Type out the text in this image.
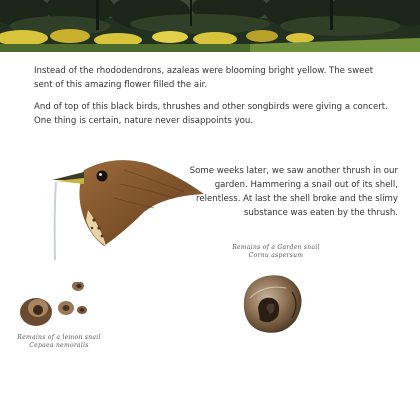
Instead of the rhododendrons, azaleas were blooming bright yellow. The sweet sent of this amazing flower filled the air.

And of top of this black birds, thrushes and other songbirds were giving a concert. One thing is certain, nature never disappoints you.

Some weeks later, we saw another thrush in our garden. Hammering a snail out of its shell, relentless. At last the shell broke and the slimy substance was eaten by the thrush.

Remains of a Garden snail
Cornu aspersum
Remains of a lemon snail
Cepaea nemoralis
